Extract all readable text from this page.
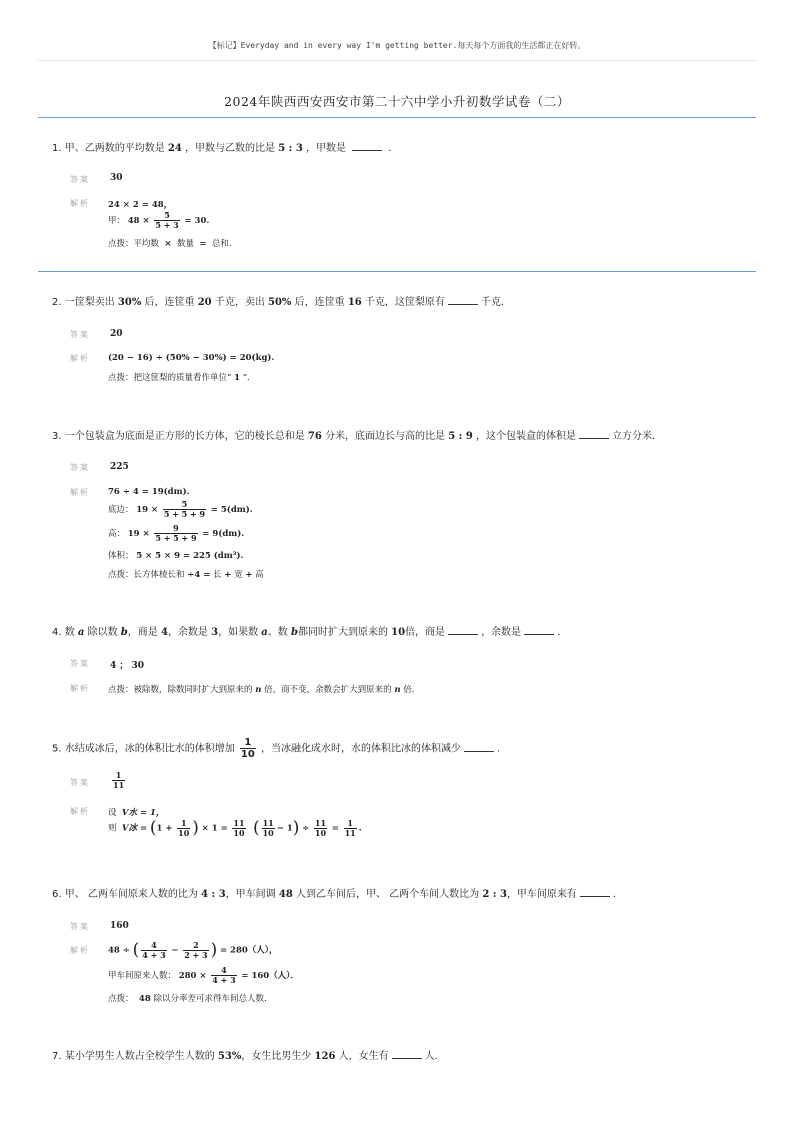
【标记】Everyday and in every way I'm getting better.每天每个方面我的生活都正在好转。
2024年陕西西安西安市第二十六中学小升初数学试卷（二）
1. 甲、乙两数的平均数是 24 ，甲数与乙数的比是 5 : 3 ，甲数是	．
答案 30
解析 24 × 2 = 48，
甲： $48 \times \frac{5}{5 + 3} = 30$.
点拨：平均数 × 数量 = 总和.
2. 一筐梨卖出 30% 后，连筐重 20 千克，卖出 50% 后，连筐重 16 千克，这筐梨原有	千克．
答案 20
解析 (20 − 16) ÷ (50% − 30%) = 20(kg).
点拨：把这筐梨的质量看作单位“ 1 ”．
3. 一个包装盒为底面是正方形的长方体，它的棱长总和是 76 分米，底面边长与高的比是 5 : 9 ，这个包装盒的体积是	立方分米．
答案 225
解析 76 ÷ 4 = 19(dm).
底边： $19 \times \frac{5}{5 + 5 + 9} = 5(dm)$.
高： $19 \times \frac{9}{5 + 5 + 9} = 9(dm)$.
体积： 5 × 5 × 9 = 225 (dm³).
点拨：长方体棱长和 ÷4 = 长 + 宽 + 高
4. 数 a 除以数 b，商是 4，余数是 3，如果数 a、数 b都同时扩大到原来的 10倍，商是	，余数是	．
答案 4 ； 30
解析 点拨：被除数，除数同时扩大到原来的 n 倍，商不变，余数会扩大到原来的 n 倍．
5. 水结成冰后，冰的体积比水的体积增加 $\frac{1}{10}$ ，当冰融化成水时，水的体积比冰的体积减少	．
答案	$\frac{1}{11}$
解析 设 V水 = 1，
则 V冰 = ($1 + \frac{1}{10}$ ) × $1 = \frac{11}{10}$ ( $\frac{11}{10} - 1) \div \frac{11}{10} = \frac{1}{11}$ .
6. 甲、 乙两车间原来人数的比为 4 : 3，甲车间调 48 人到乙车间后，甲、 乙两个车间人数比为 2 : 3，甲车间原来有	．
答案 160
解析 48 ÷ ( $\frac{4}{4 + 3} - \frac{2}{2 + 3}$ ) = 280（人），
甲车间原来人数： $280 \times \frac{4}{4 + 3} = 160$（人）．
点拨： 48 除以分率差可求得车间总人数．
7. 某小学男生人数占全校学生人数的 53%，女生比男生少 126 人，女生有	人．
